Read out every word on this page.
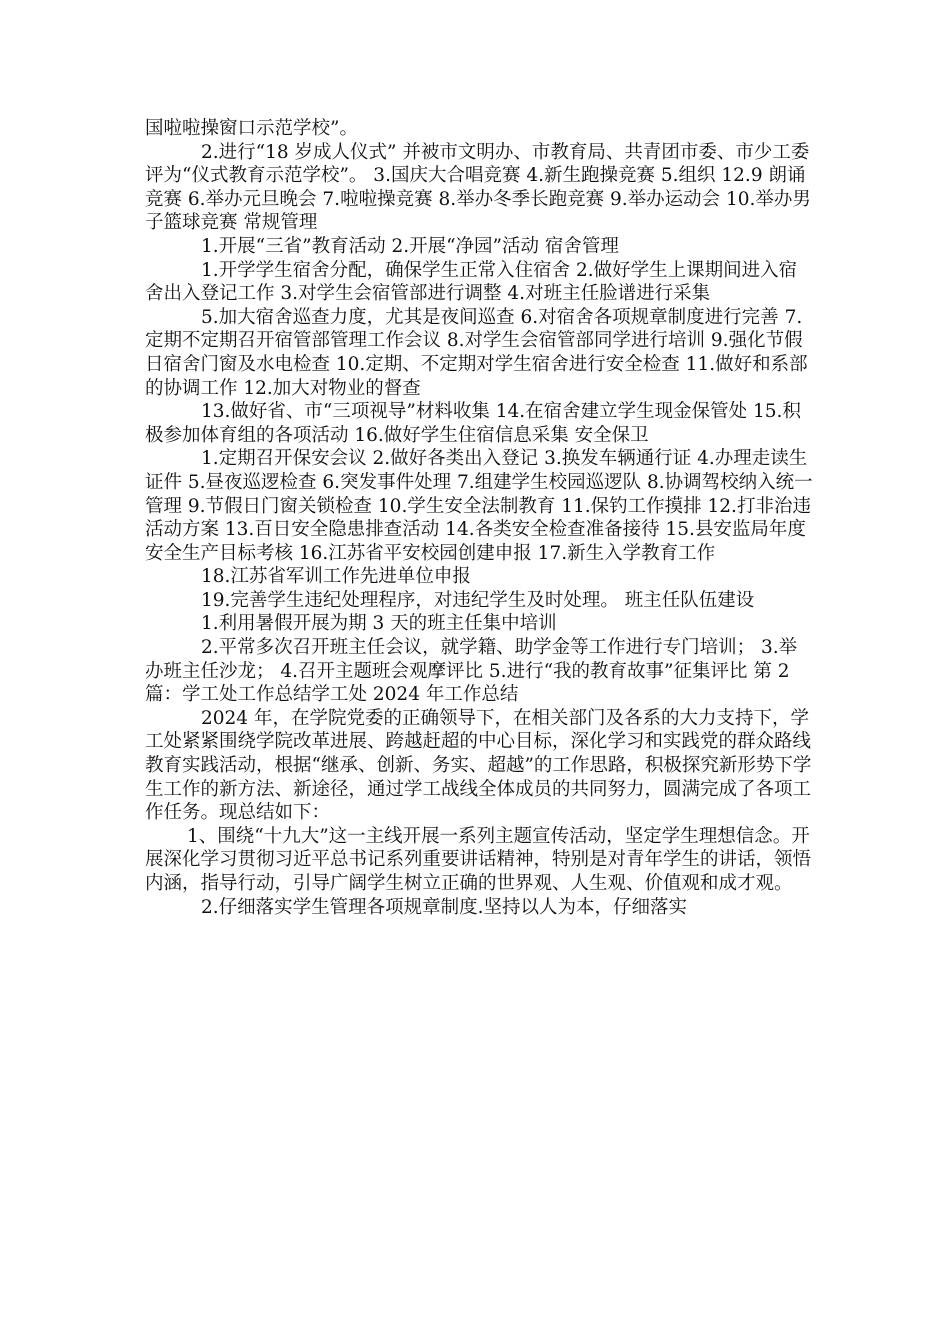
国啦啦操窗口示范学校”。

2.进行“18 岁成人仪式” 并被市文明办、市教育局、共青团市委、市少工委评为“仪式教育示范学校”。 3.国庆大合唱竞赛 4.新生跑操竞赛 5.组织 12.9 朗诵竞赛 6.举办元旦晚会 7.啦啦操竞赛 8.举办冬季长跑竞赛 9.举办运动会 10.举办男子篮球竞赛 常规管理

1.开展“三省”教育活动 2.开展“净园”活动 宿舍管理

1.开学学生宿舍分配，确保学生正常入住宿舍 2.做好学生上课期间进入宿舍出入登记工作 3.对学生会宿管部进行调整 4.对班主任脸谱进行采集

5.加大宿舍巡查力度，尤其是夜间巡查 6.对宿舍各项规章制度进行完善 7.定期不定期召开宿管部管理工作会议 8.对学生会宿管部同学进行培训 9.强化节假日宿舍门窗及水电检查 10.定期、不定期对学生宿舍进行安全检查 11.做好和系部的协调工作 12.加大对物业的督查

13.做好省、市“三项视导”材料收集 14.在宿舍建立学生现金保管处 15.积极参加体育组的各项活动 16.做好学生住宿信息采集 安全保卫

1.定期召开保安会议 2.做好各类出入登记 3.换发车辆通行证 4.办理走读生证件 5.昼夜巡逻检查 6.突发事件处理 7.组建学生校园巡逻队 8.协调驾校纳入统一管理 9.节假日门窗关锁检查 10.学生安全法制教育 11.保钓工作摸排 12.打非治违活动方案 13.百日安全隐患排查活动 14.各类安全检查准备接待 15.县安监局年度安全生产目标考核 16.江苏省平安校园创建申报 17.新生入学教育工作

18.江苏省军训工作先进单位申报

19.完善学生违纪处理程序，对违纪学生及时处理。 班主任队伍建设

1.利用暑假开展为期 3 天的班主任集中培训

2.平常多次召开班主任会议，就学籍、助学金等工作进行专门培训； 3.举办班主任沙龙； 4.召开主题班会观摩评比 5.进行“我的教育故事”征集评比 第 2 篇：学工处工作总结学工处 2024 年工作总结

2024 年，在学院党委的正确领导下，在相关部门及各系的大力支持下，学工处紧紧围绕学院改革进展、跨越赶超的中心目标，深化学习和实践党的群众路线教育实践活动，根据“继承、创新、务实、超越”的工作思路，积极探究新形势下学生工作的新方法、新途径，通过学工战线全体成员的共同努力，圆满完成了各项工作任务。现总结如下：

1、围绕“十九大”这一主线开展一系列主题宣传活动，坚定学生理想信念。开展深化学习贯彻习近平总书记系列重要讲话精神，特别是对青年学生的讲话，领悟内涵，指导行动，引导广阔学生树立正确的世界观、人生观、价值观和成才观。

2.仔细落实学生管理各项规章制度.坚持以人为本，仔细落实
